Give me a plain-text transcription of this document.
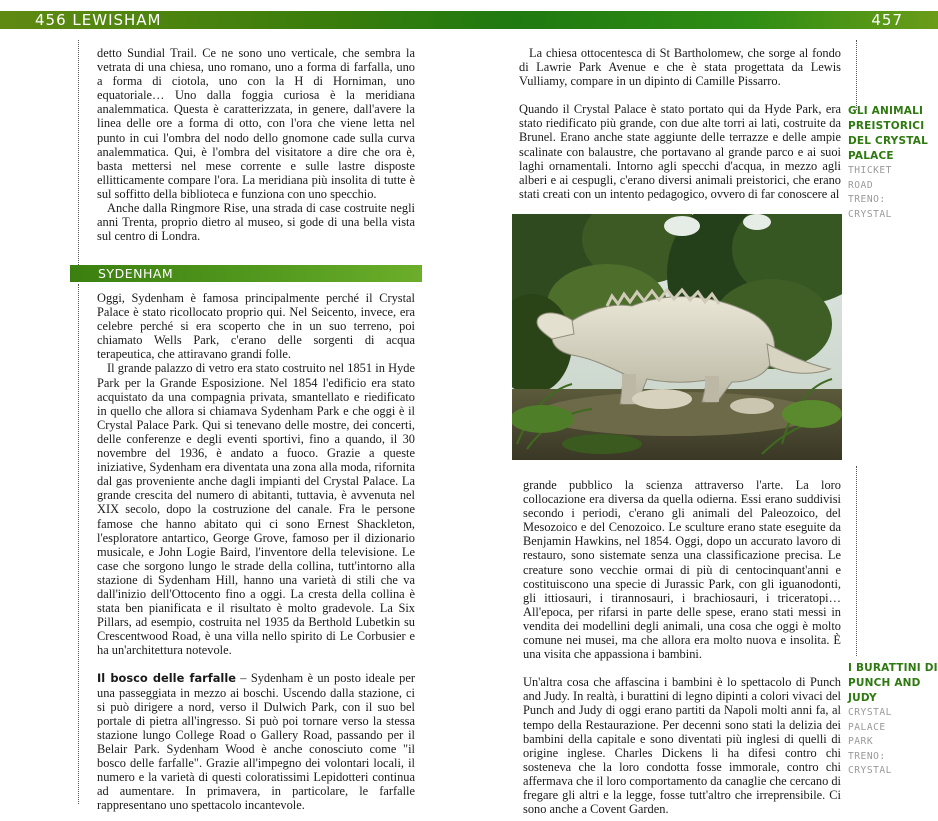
456 LEWISHAM	457

detto Sundial Trail. Ce ne sono uno verticale, che sembra la vetrata di una chiesa, uno romano, uno a forma di farfalla, uno a forma di ciotola, uno con la H di Horniman, uno equatoriale… Uno dalla foggia curiosa è la meridiana analemmatica. Questa è caratterizzata, in genere, dall'avere la linea delle ore a forma di otto, con l'ora che viene letta nel punto in cui l'ombra del nodo dello gnomone cade sulla curva analemmatica. Qui, è l'ombra del visitatore a dire che ora è, basta mettersi nel mese corrente e sulle lastre disposte ellitticamente compare l'ora. La meridiana più insolita di tutte è sul soffitto della biblioteca e funziona con uno specchio.

Anche dalla Ringmore Rise, una strada di case costruite negli anni Trenta, proprio dietro al museo, si gode di una bella vista sul centro di Londra.

SYDENHAM

Oggi, Sydenham è famosa principalmente perché il Crystal Palace è stato ricollocato proprio qui. Nel Seicento, invece, era celebre perché si era scoperto che in un suo terreno, poi chiamato Wells Park, c'erano delle sorgenti di acqua terapeutica, che attiravano grandi folle.

Il grande palazzo di vetro era stato costruito nel 1851 in Hyde Park per la Grande Esposizione. Nel 1854 l'edificio era stato acquistato da una compagnia privata, smantellato e riedificato in quello che allora si chiamava Sydenham Park e che oggi è il Crystal Palace Park. Qui si tenevano delle mostre, dei concerti, delle conferenze e degli eventi sportivi, fino a quando, il 30 novembre del 1936, è andato a fuoco. Grazie a queste iniziative, Sydenham era diventata una zona alla moda, rifornita dal gas proveniente anche dagli impianti del Crystal Palace. La grande crescita del numero di abitanti, tuttavia, è avvenuta nel XIX secolo, dopo la costruzione del canale. Fra le persone famose che hanno abitato qui ci sono Ernest Shackleton, l'esploratore antartico, George Grove, famoso per il dizionario musicale, e John Logie Baird, l'inventore della televisione. Le case che sorgono lungo le strade della collina, tutt'intorno alla stazione di Sydenham Hill, hanno una varietà di stili che va dall'inizio dell'Ottocento fino a oggi. La cresta della collina è stata ben pianificata e il risultato è molto gradevole. La Six Pillars, ad esempio, costruita nel 1935 da Berthold Lubetkin su Crescentwood Road, è una villa nello spirito di Le Corbusier e ha un'architettura notevole.

Il bosco delle farfalle – Sydenham è un posto ideale per una passeggiata in mezzo ai boschi. Uscendo dalla stazione, ci si può dirigere a nord, verso il Dulwich Park, con il suo bel portale di pietra all'ingresso. Si può poi tornare verso la stessa stazione lungo College Road o Gallery Road, passando per il Belair Park. Sydenham Wood è anche conosciuto come "il bosco delle farfalle". Grazie all'impegno dei volontari locali, il numero e la varietà di questi coloratissimi Lepidotteri continua ad aumentare. In primavera, in particolare, le farfalle rappresentano uno spettacolo incantevole.

La chiesa ottocentesca di St Bartholomew, che sorge al fondo di Lawrie Park Avenue e che è stata progettata da Lewis Vulliamy, compare in un dipinto di Camille Pissarro.

Quando il Crystal Palace è stato portato qui da Hyde Park, era stato riedificato più grande, con due alte torri ai lati, costruite da Brunel. Erano anche state aggiunte delle terrazze e delle ampie scalinate con balaustre, che portavano al grande parco e ai suoi laghi ornamentali. Intorno agli specchi d'acqua, in mezzo agli alberi e ai cespugli, c'erano diversi animali preistorici, che erano stati creati con un intento pedagogico, ovvero di far conoscere al

grande pubblico la scienza attraverso l'arte. La loro collocazione era diversa da quella odierna. Essi erano suddivisi secondo i periodi, c'erano gli animali del Paleozoico, del Mesozoico e del Cenozoico. Le sculture erano state eseguite da Benjamin Hawkins, nel 1854. Oggi, dopo un accurato lavoro di restauro, sono sistemate senza una classificazione precisa. Le creature sono vecchie ormai di più di centocinquant'anni e costituiscono una specie di Jurassic Park, con gli iguanodonti, gli ittiosauri, i tirannosauri, i brachiosauri, i triceratopi… All'epoca, per rifarsi in parte delle spese, erano stati messi in vendita dei modellini degli animali, una cosa che oggi è molto comune nei musei, ma che allora era molto nuova e insolita. È una visita che appassiona i bambini.

Un'altra cosa che affascina i bambini è lo spettacolo di Punch and Judy. In realtà, i burattini di legno dipinti a colori vivaci del Punch and Judy di oggi erano partiti da Napoli molti anni fa, al tempo della Restaurazione. Per decenni sono stati la delizia dei bambini della capitale e sono diventati più inglesi di quelli di origine inglese. Charles Dickens li ha difesi contro chi sosteneva che la loro condotta fosse immorale, contro chi affermava che il loro comportamento da canaglie che cercano di fregare gli altri e la legge, fosse tutt'altro che irreprensibile. Ci sono anche a Covent Garden.

GLI ANIMALI PREISTORICI DEL CRYSTAL PALACE
THICKET
ROAD
TRENO:
CRYSTAL
I BURATTINI DI PUNCH AND JUDY
CRYSTAL
PALACE
PARK
TRENO:
CRYSTAL
